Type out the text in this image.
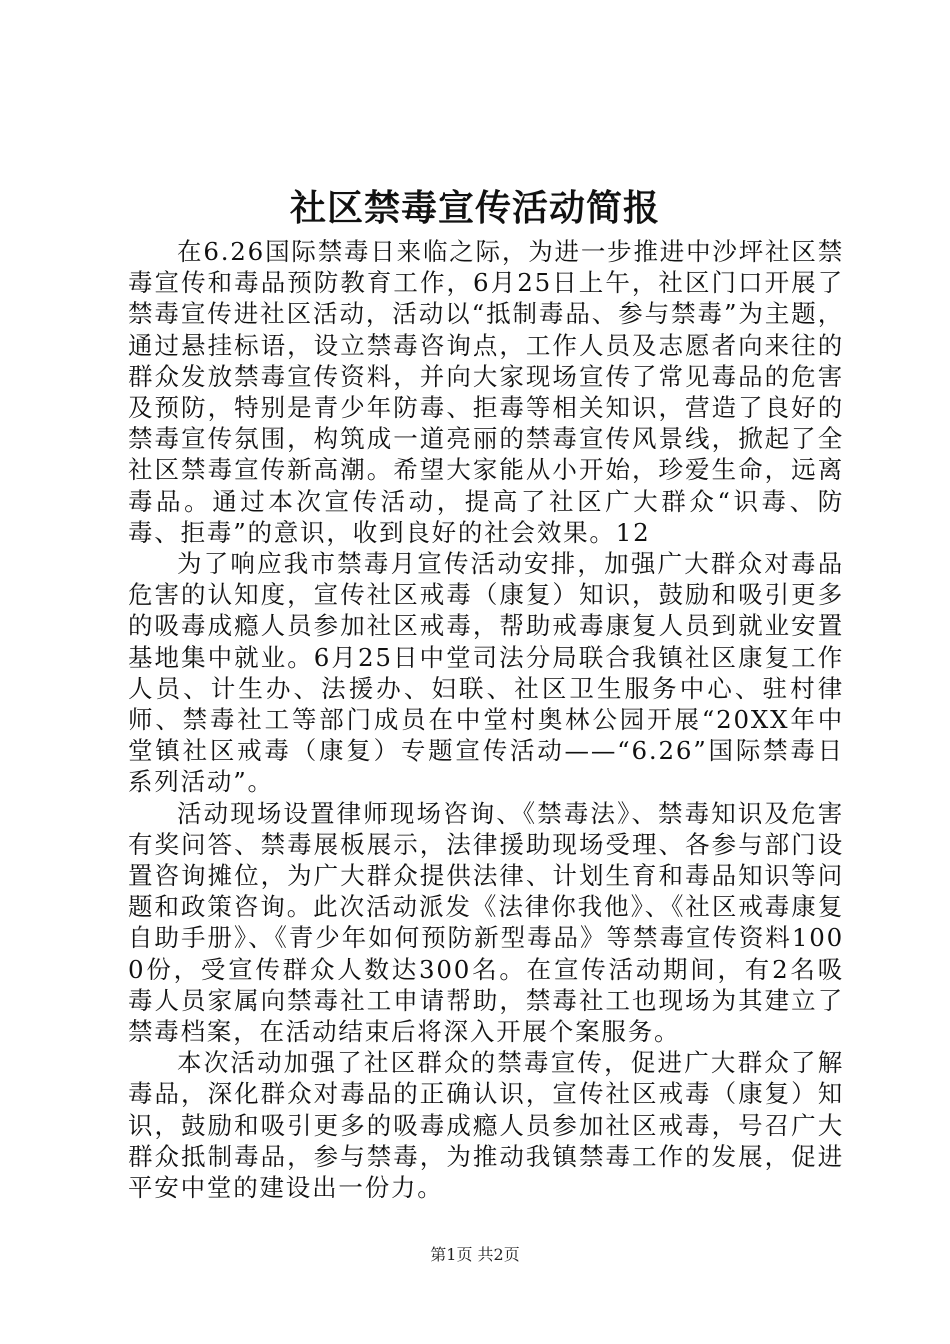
社区禁毒宣传活动简报

在6.26国际禁毒日来临之际，为进一步推进中沙坪社区禁毒宣传和毒品预防教育工作，6月25日上午，社区门口开展了禁毒宣传进社区活动，活动以“抵制毒品、参与禁毒”为主题，通过悬挂标语，设立禁毒咨询点，工作人员及志愿者向来往的群众发放禁毒宣传资料，并向大家现场宣传了常见毒品的危害及预防，特别是青少年防毒、拒毒等相关知识，营造了良好的禁毒宣传氛围，构筑成一道亮丽的禁毒宣传风景线，掀起了全社区禁毒宣传新高潮。希望大家能从小开始，珍爱生命，远离毒品。通过本次宣传活动，提高了社区广大群众“识毒、防毒、拒毒”的意识，收到良好的社会效果。12

为了响应我市禁毒月宣传活动安排，加强广大群众对毒品危害的认知度，宣传社区戒毒（康复）知识，鼓励和吸引更多的吸毒成瘾人员参加社区戒毒，帮助戒毒康复人员到就业安置基地集中就业。6月25日中堂司法分局联合我镇社区康复工作人员、计生办、法援办、妇联、社区卫生服务中心、驻村律师、禁毒社工等部门成员在中堂村奥林公园开展“20XX年中堂镇社区戒毒（康复）专题宣传活动——“6.26”国际禁毒日系列活动”。

活动现场设置律师现场咨询、《禁毒法》、禁毒知识及危害有奖问答、禁毒展板展示，法律援助现场受理、各参与部门设置咨询摊位，为广大群众提供法律、计划生育和毒品知识等问题和政策咨询。此次活动派发《法律你我他》、《社区戒毒康复自助手册》、《青少年如何预防新型毒品》等禁毒宣传资料1000份，受宣传群众人数达300名。在宣传活动期间，有2名吸毒人员家属向禁毒社工申请帮助，禁毒社工也现场为其建立了禁毒档案，在活动结束后将深入开展个案服务。

本次活动加强了社区群众的禁毒宣传，促进广大群众了解毒品，深化群众对毒品的正确认识，宣传社区戒毒（康复）知识，鼓励和吸引更多的吸毒成瘾人员参加社区戒毒，号召广大群众抵制毒品，参与禁毒，为推动我镇禁毒工作的发展，促进平安中堂的建设出一份力。

第1页 共2页
